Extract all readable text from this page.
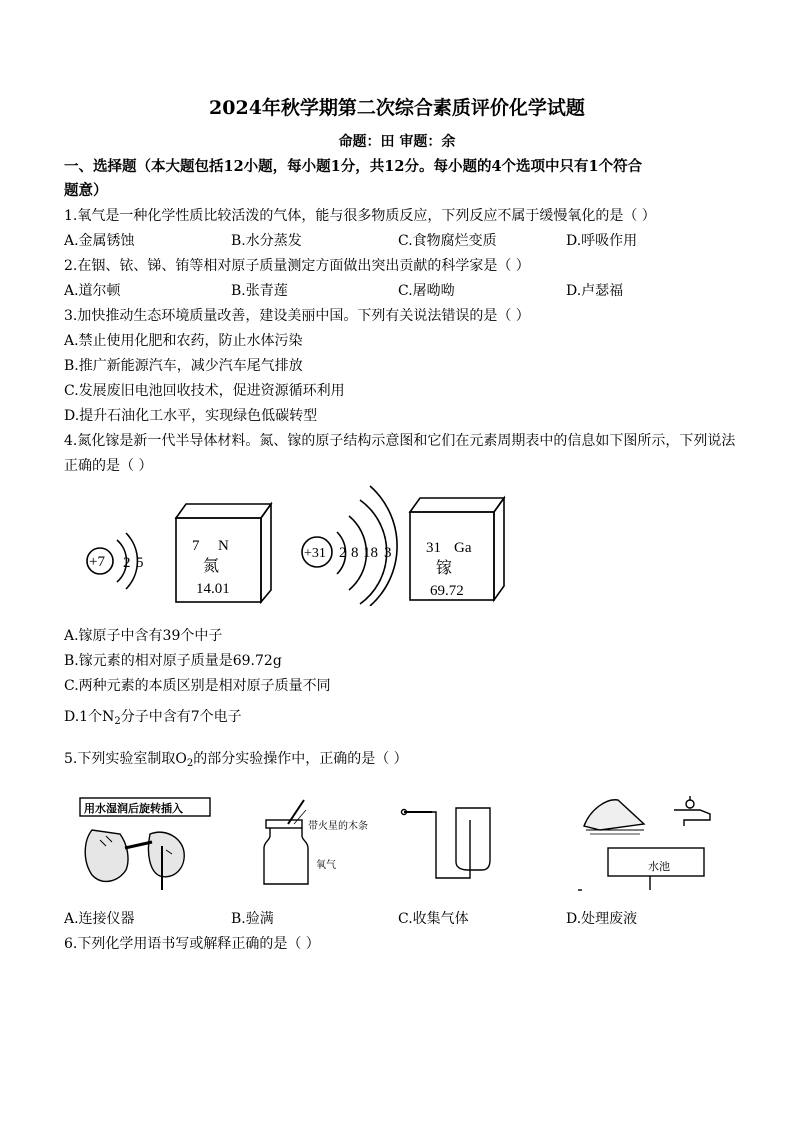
2024年秋学期第二次综合素质评价化学试题
命题：田 审题：余
一、选择题（本大题包括12小题，每小题1分，共12分。每小题的4个选项中只有1个符合
题意）
1.氧气是一种化学性质比较活泼的气体，能与很多物质反应，下列反应不属于缓慢氧化的是（ ）
A.金属锈蚀	B.水分蒸发	C.食物腐烂变质	D.呼吸作用
2.在铟、铱、锑、铕等相对原子质量测定方面做出突出贡献的科学家是（ ）
A.道尔顿	B.张青莲	C.屠呦呦	D.卢瑟福
3.加快推动生态环境质量改善，建设美丽中国。下列有关说法错误的是（ ）
A.禁止使用化肥和农药，防止水体污染
B.推广新能源汽车，减少汽车尾气排放
C.发展废旧电池回收技术，促进资源循环利用
D.提升石油化工水平，实现绿色低碳转型
4.氮化镓是新一代半导体材料。氮、镓的原子结构示意图和它们在元素周期表中的信息如下图所示，下列说法
正确的是（ ）
+7 2 5
7 N
氮
14.01
+31 2 8 18 3 31 Ga
镓
69.72
A.镓原子中含有39个中子
B.镓元素的相对原子质量是69.72g
C.两种元素的本质区别是相对原子质量不同
D.1个$N_2$分子中含有7个电子
5.下列实验室制取$O_2$的部分实验操作中，正确的是（ ）
用水湿润后旋转插入
带火星的木条
氧气	水池
A.连接仪器	B.验满	C.收集气体	D.处理废液
6.下列化学用语书写或解释正确的是（ ）
